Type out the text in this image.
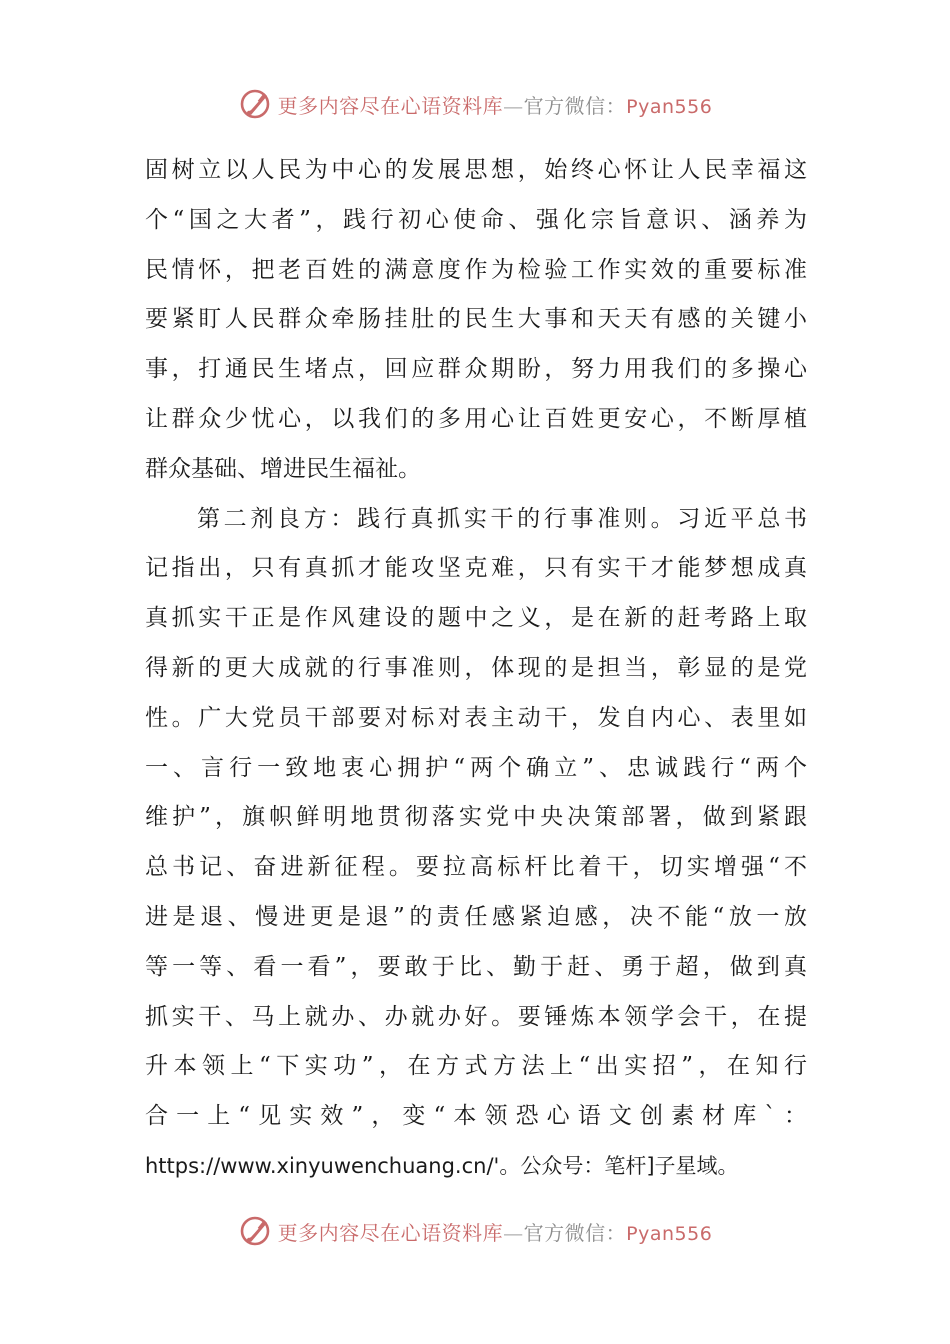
更多内容尽在心语资料库—官方微信：Pyan556
固树立以人民为中心的发展思想，始终心怀让人民幸福这
个“国之大者”，践行初心使命、强化宗旨意识、涵养为
民情怀，把老百姓的满意度作为检验工作实效的重要标准
要紧盯人民群众牵肠挂肚的民生大事和天天有感的关键小
事，打通民生堵点，回应群众期盼，努力用我们的多操心
让群众少忧心，以我们的多用心让百姓更安心，不断厚植
群众基础、增进民生福祉。
第二剂良方：践行真抓实干的行事准则。习近平总书
记指出，只有真抓才能攻坚克难，只有实干才能梦想成真
真抓实干正是作风建设的题中之义，是在新的赶考路上取
得新的更大成就的行事准则，体现的是担当，彰显的是党
性。广大党员干部要对标对表主动干，发自内心、表里如
一、言行一致地衷心拥护“两个确立”、忠诚践行“两个
维护”，旗帜鲜明地贯彻落实党中央决策部署，做到紧跟
总书记、奋进新征程。要拉高标杆比着干，切实增强“不
进是退、慢进更是退”的责任感紧迫感，决不能“放一放
等一等、看一看”，要敢于比、勤于赶、勇于超，做到真
抓实干、马上就办、办就办好。要锤炼本领学会干，在提
升本领上“下实功”，在方式方法上“出实招”，在知行
合一上“见实效”，变“本领恐心语文创素材库`：
https://www.xinyuwenchuang.cn/'。公众号：笔杆]子星域。
更多内容尽在心语资料库—官方微信：Pyan556
